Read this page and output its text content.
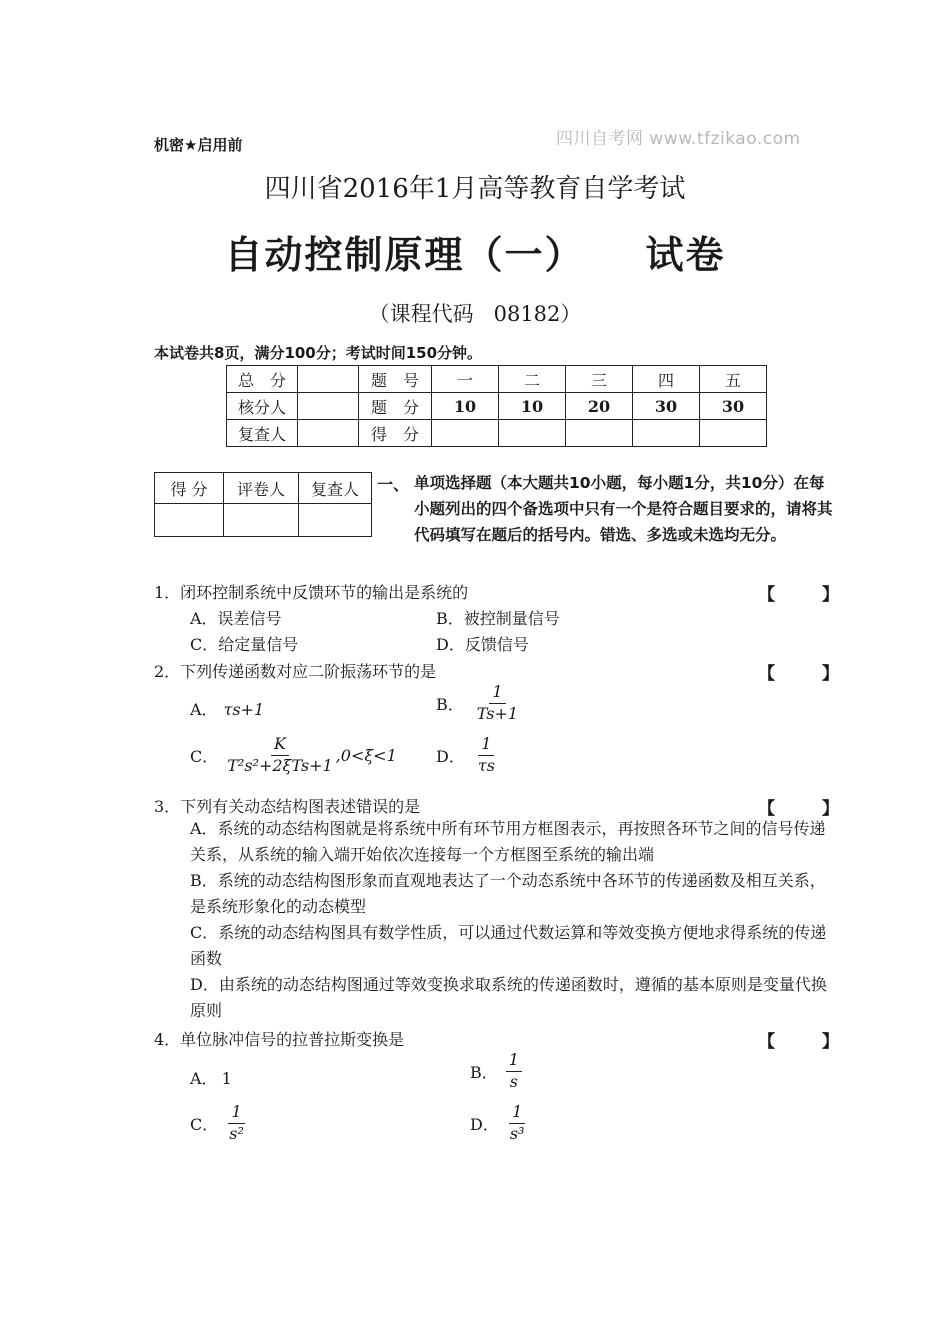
机密★启用前	四川自考网 www.tfzikao.com
四川省2016年1月高等教育自学考试
自动控制原理（一）    试卷
（课程代码   08182）
本试卷共8页，满分100分；考试时间150分钟。
总　分		题　号	一	二	三	四	五
核分人		题　分	10	10	20	30	30
复查人		得　分					
得 分	评卷人	复查人
		一、 单项选择题（本大题共10小题，每小题1分，共10分）在每小题列出的四个备选项中只有一个是符合题目要求的，请将其代码填写在题后的括号内。错选、多选或未选均无分。
1．闭环控制系统中反馈环节的输出是系统的	【	】
A．误差信号	B．被控制量信号
C．给定量信号	D．反馈信号
2．下列传递函数对应二阶振荡环节的是	【	】
A． τs+1	B． $\frac{1}{Ts+1}$
C． $\frac{K}{\text{T²s²+2ξTs+1}} ,0<\xi<1$ D． $\frac{1}{\tau s}$
3．下列有关动态结构图表述错误的是	【	】
A．系统的动态结构图就是将系统中所有环节用方框图表示，再按照各环节之间的信号传递关系，从系统的输入端开始依次连接每一个方框图至系统的输出端
B．系统的动态结构图形象而直观地表达了一个动态系统中各环节的传递函数及相互关系，是系统形象化的动态模型
C．系统的动态结构图具有数学性质，可以通过代数运算和等效变换方便地求得系统的传递函数
D．由系统的动态结构图通过等效变换求取系统的传递函数时，遵循的基本原则是变量代换原则
4．单位脉冲信号的拉普拉斯变换是	【	】
A． 1	B． $\frac{1}{s}$
C． $\frac{1}{\text{s²}}$	D． $\frac{1}{\text{s³}}$
